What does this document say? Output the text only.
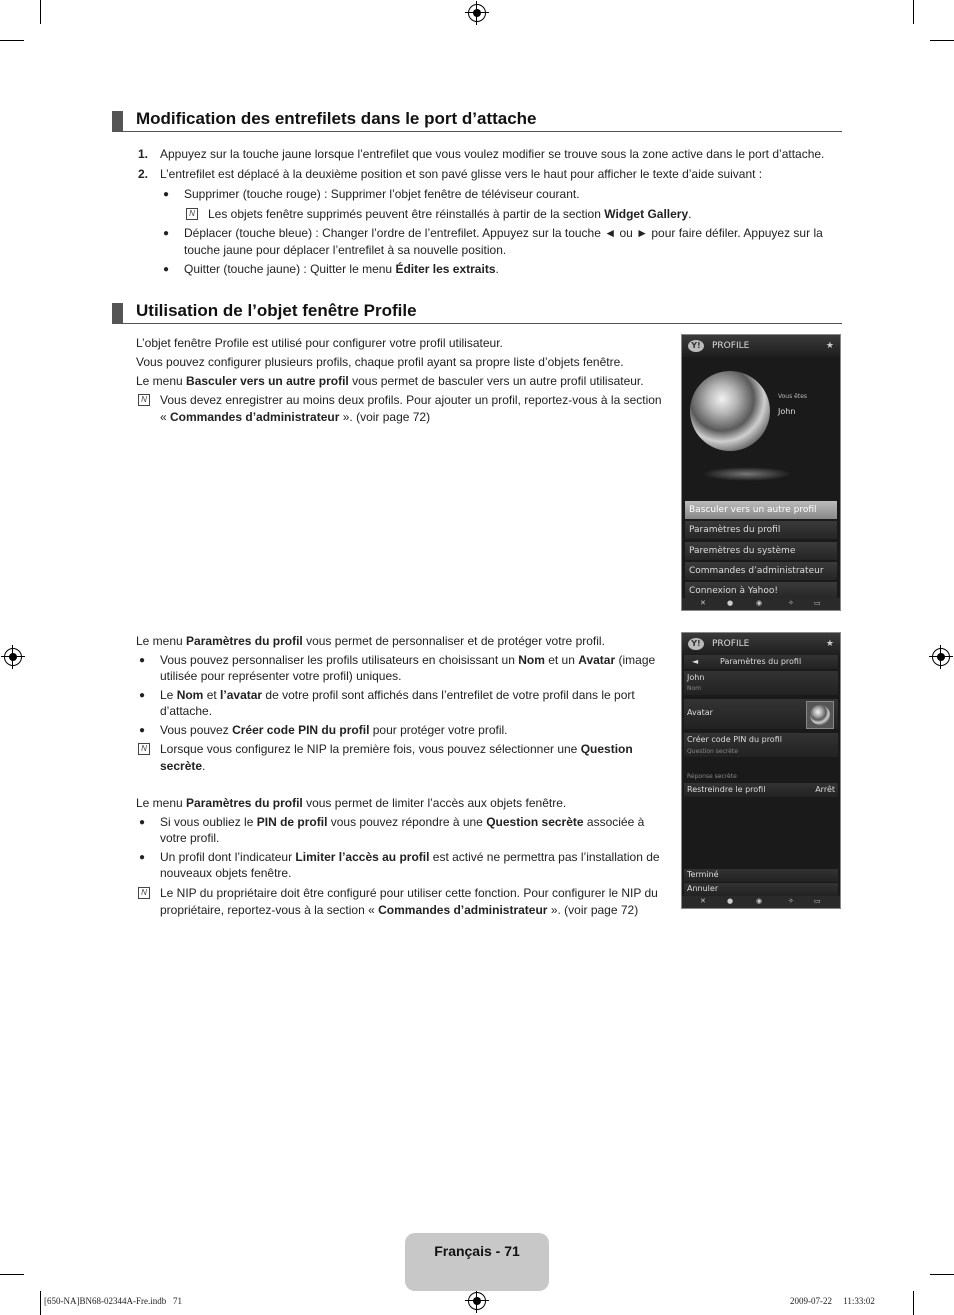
Modification des entrefilets dans le port d’attache
1. Appuyez sur la touche jaune lorsque l’entrefilet que vous voulez modifier se trouve sous la zone active dans le port d’attache.
2. L’entrefilet est déplacé à la deuxième position et son pavé glisse vers le haut pour afficher le texte d’aide suivant :
● Supprimer (touche rouge) : Supprimer l’objet fenêtre de téléviseur courant.
N Les objets fenêtre supprimés peuvent être réinstallés à partir de la section Widget Gallery.
● Déplacer (touche bleue) : Changer l’ordre de l’entrefilet. Appuyez sur la touche ◄ ou ► pour faire défiler. Appuyez sur la
touche jaune pour déplacer l’entrefilet à sa nouvelle position.
● Quitter (touche jaune) : Quitter le menu Éditer les extraits.
Utilisation de l’objet fenêtre Profile
L’objet fenêtre Profile est utilisé pour configurer votre profil utilisateur.
Vous pouvez configurer plusieurs profils, chaque profil ayant sa propre liste d’objets fenêtre.
Le menu Basculer vers un autre profil vous permet de basculer vers un autre profil utilisateur.
N Vous devez enregistrer au moins deux profils. Pour ajouter un profil, reportez-vous à la section
« Commandes d’administrateur ». (voir page 72)
Y!	PROFILE	★
Vous êtes
John
Basculer vers un autre profil
Paramètres du profil
Paremètres du système
Commandes d’administrateur
Connexion à Yahoo!
✕	●	◉	✧	▭
Le menu Paramètres du profil vous permet de personnaliser et de protéger votre profil.
● Vous pouvez personnaliser les profils utilisateurs en choisissant un Nom et un Avatar (image
utilisée pour représenter votre profil) uniques.
● Le Nom et l’avatar de votre profil sont affichés dans l’entrefilet de votre profil dans le port
d’attache.
● Vous pouvez Créer code PIN du profil pour protéger votre profil.
N Lorsque vous configurez le NIP la première fois, vous pouvez sélectionner une Question
secrète.
Le menu Paramètres du profil vous permet de limiter l’accès aux objets fenêtre.
● Si vous oubliez le PIN de profil vous pouvez répondre à une Question secrète associée à
votre profil.
● Un profil dont l’indicateur Limiter l’accès au profil est activé ne permettra pas l’installation de
nouveaux objets fenêtre.
N Le NIP du propriétaire doit être configuré pour utiliser cette fonction. Pour configurer le NIP du
propriétaire, reportez-vous à la section « Commandes d’administrateur ». (voir page 72)
Y!	PROFILE	★
◄	Paramètres du profil
John
Nom
Avatar
Créer code PIN du profil
Question secrète
Réponse secrète
Restreindre le profil	Arrêt
Terminé
Annuler
✕	●	◉	✧	▭
Français - 71
[650-NA]BN68-02344A-Fre.indb   71	2009-07-22     11:33:02
